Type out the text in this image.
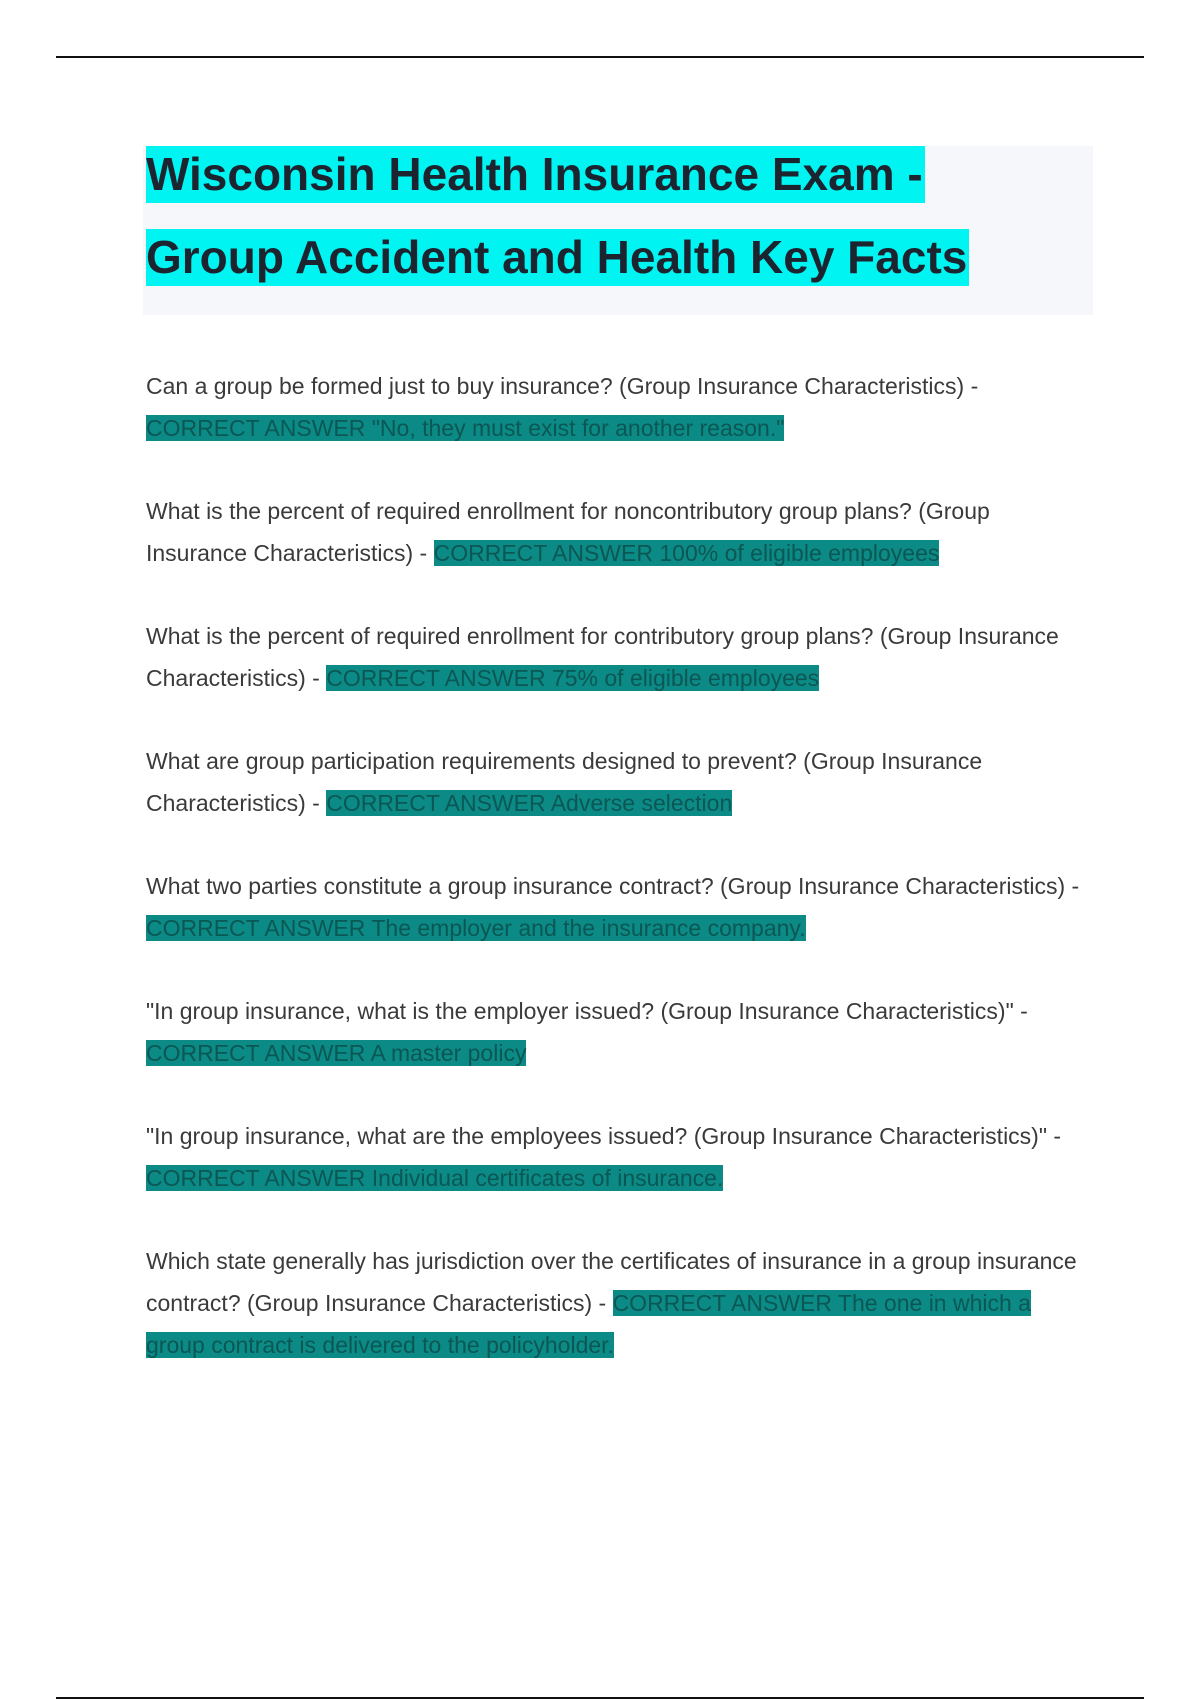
Wisconsin Health Insurance Exam -
Group Accident and Health Key Facts

Can a group be formed just to buy insurance? (Group Insurance Characteristics) - CORRECT ANSWER "No, they must exist for another reason."

What is the percent of required enrollment for noncontributory group plans? (Group Insurance Characteristics) - CORRECT ANSWER 100% of eligible employees

What is the percent of required enrollment for contributory group plans? (Group Insurance Characteristics) - CORRECT ANSWER 75% of eligible employees

What are group participation requirements designed to prevent? (Group Insurance Characteristics) - CORRECT ANSWER Adverse selection

What two parties constitute a group insurance contract? (Group Insurance Characteristics) - CORRECT ANSWER The employer and the insurance company.

"In group insurance, what is the employer issued? (Group Insurance Characteristics)" - CORRECT ANSWER A master policy

"In group insurance, what are the employees issued? (Group Insurance Characteristics)" - CORRECT ANSWER Individual certificates of insurance.

Which state generally has jurisdiction over the certificates of insurance in a group insurance contract? (Group Insurance Characteristics) - CORRECT ANSWER The one in which a group contract is delivered to the policyholder.
